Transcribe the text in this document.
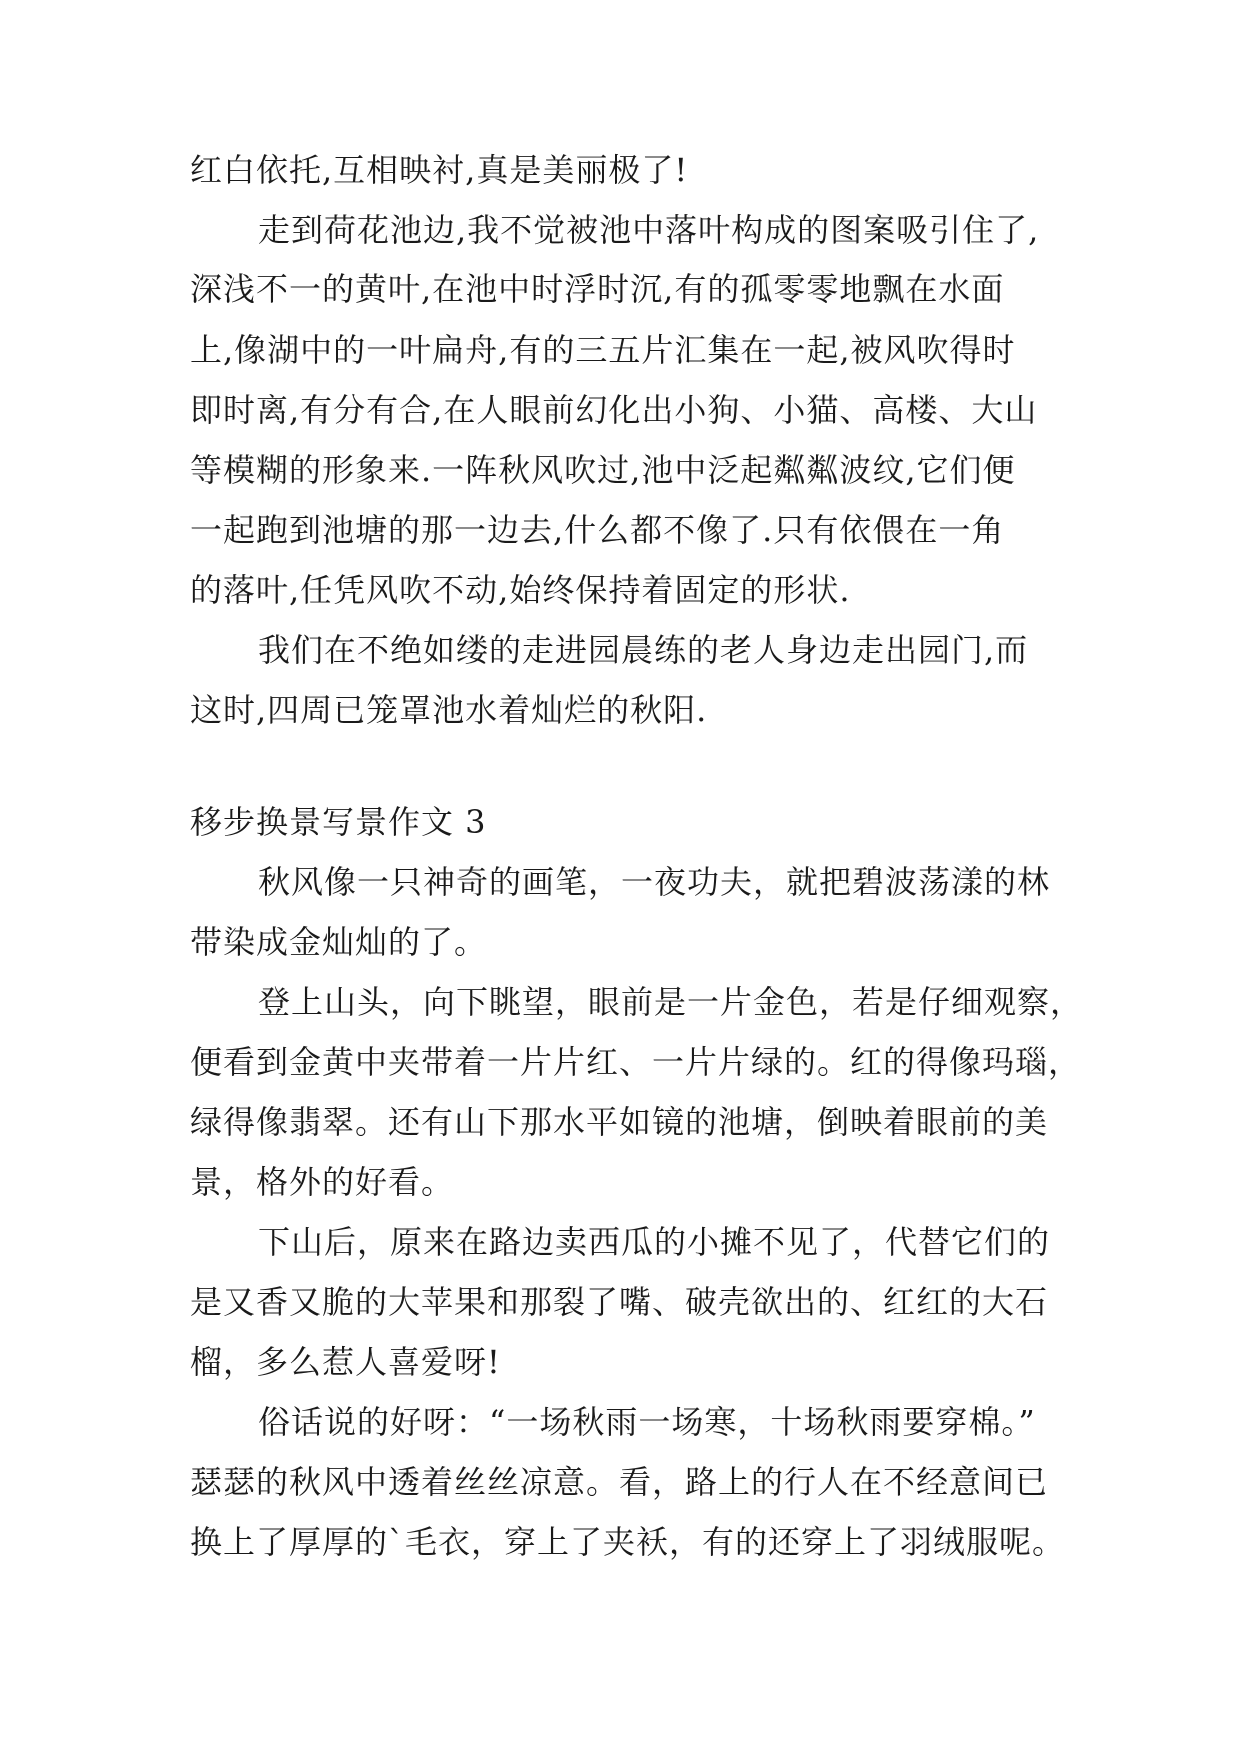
红白依托,互相映衬,真是美丽极了!
走到荷花池边,我不觉被池中落叶构成的图案吸引住了,
深浅不一的黄叶,在池中时浮时沉,有的孤零零地飘在水面
上,像湖中的一叶扁舟,有的三五片汇集在一起,被风吹得时
即时离,有分有合,在人眼前幻化出小狗、小猫、高楼、大山
等模糊的形象来.一阵秋风吹过,池中泛起粼粼波纹,它们便
一起跑到池塘的那一边去,什么都不像了.只有依偎在一角
的落叶,任凭风吹不动,始终保持着固定的形状.
我们在不绝如缕的走进园晨练的老人身边走出园门,而
这时,四周已笼罩池水着灿烂的秋阳.
移步换景写景作文 3
秋风像一只神奇的画笔，一夜功夫，就把碧波荡漾的林
带染成金灿灿的了。
登上山头，向下眺望，眼前是一片金色，若是仔细观察，
便看到金黄中夹带着一片片红、一片片绿的。红的得像玛瑙，
绿得像翡翠。还有山下那水平如镜的池塘，倒映着眼前的美
景，格外的好看。
下山后，原来在路边卖西瓜的小摊不见了，代替它们的
是又香又脆的大苹果和那裂了嘴、破壳欲出的、红红的大石
榴，多么惹人喜爱呀!
俗话说的好呀：“一场秋雨一场寒，十场秋雨要穿棉。”
瑟瑟的秋风中透着丝丝凉意。看，路上的行人在不经意间已
换上了厚厚的`毛衣，穿上了夹袄，有的还穿上了羽绒服呢。
